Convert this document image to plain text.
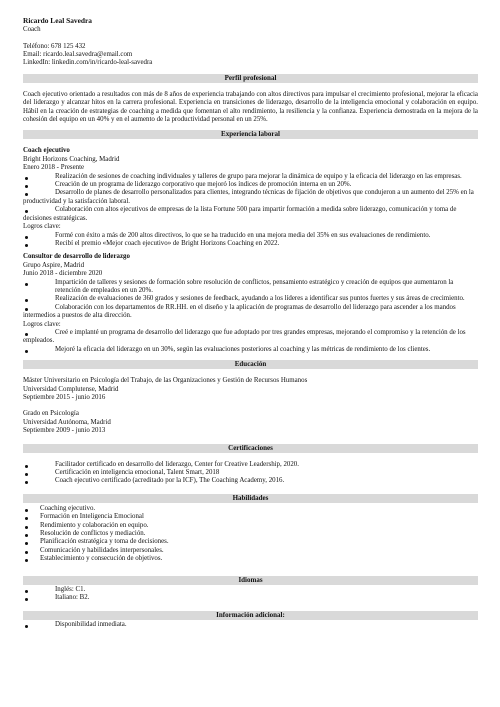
Ricardo Leal Savedra
Coach
Teléfono: 678 125 432
Email: ricardo.leal.savedra@email.com
LinkedIn: linkedin.com/in/ricardo-leal-savedra
Perfil profesional

Coach ejecutivo orientado a resultados con más de 8 años de experiencia trabajando con altos directivos para impulsar el crecimiento profesional, mejorar la eficacia del liderazgo y alcanzar hitos en la carrera profesional. Experiencia en transiciones de liderazgo, desarrollo de la inteligencia emocional y colaboración en equipo. Hábil en la creación de estrategias de coaching a medida que fomentan el alto rendimiento, la resiliencia y la confianza. Experiencia demostrada en la mejora de la cohesión del equipo en un 40% y en el aumento de la productividad personal en un 25%.

Experiencia laboral
Coach ejecutivo
Bright Horizons Coaching, Madrid
Enero 2018 - Presente
Realización de sesiones de coaching individuales y talleres de grupo para mejorar la dinámica de equipo y la eficacia del liderazgo en las empresas.
Creación de un programa de liderazgo corporativo que mejoró los índices de promoción interna en un 20%.
Desarrollo de planes de desarrollo personalizados para clientes, integrando técnicas de fijación de objetivos que condujeron a un aumento del 25% en la productividad y la satisfacción laboral.
Colaboración con altos ejecutivos de empresas de la lista Fortune 500 para impartir formación a medida sobre liderazgo, comunicación y toma de decisiones estratégicas.
Logros clave:
Formé con éxito a más de 200 altos directivos, lo que se ha traducido en una mejora media del 35% en sus evaluaciones de rendimiento.
Recibí el premio «Mejor coach ejecutivo» de Bright Horizons Coaching en 2022.
Consultor de desarrollo de liderazgo
Grupo Aspire, Madrid
Junio 2018 - diciembre 2020
Impartición de talleres y sesiones de formación sobre resolución de conflictos, pensamiento estratégico y creación de equipos que aumentaron la retención de empleados en un 20%.
Realización de evaluaciones de 360 grados y sesiones de feedback, ayudando a los líderes a identificar sus puntos fuertes y sus áreas de crecimiento.
Colaboración con los departamentos de RR.HH. en el diseño y la aplicación de programas de desarrollo del liderazgo para ascender a los mandos intermedios a puestos de alta dirección.
Logros clave:
Creé e implanté un programa de desarrollo del liderazgo que fue adoptado por tres grandes empresas, mejorando el compromiso y la retención de los empleados.
Mejoré la eficacia del liderazgo en un 30%, según las evaluaciones posteriores al coaching y las métricas de rendimiento de los clientes.
Educación
Máster Universitario en Psicología del Trabajo, de las Organizaciones y Gestión de Recursos Humanos
Universidad Complutense, Madrid
Septiembre 2015 - junio 2016
Grado en Psicología
Universidad Autónoma, Madrid
Septiembre 2009 - junio 2013
Certificaciones
Facilitador certificado en desarrollo del liderazgo, Center for Creative Leadership, 2020.
Certificación en inteligencia emocional, Talent Smart, 2018
Coach ejecutivo certificado (acreditado por la ICF), The Coaching Academy, 2016.
Habilidades
Coaching ejecutivo.
Formación en Inteligencia Emocional
Rendimiento y colaboración en equipo.
Resolución de conflictos y mediación.
Planificación estratégica y toma de decisiones.
Comunicación y habilidades interpersonales.
Establecimiento y consecución de objetivos.
Idiomas
Inglés: C1.
Italiano: B2.
Información adicional:
Disponibilidad inmediata.
